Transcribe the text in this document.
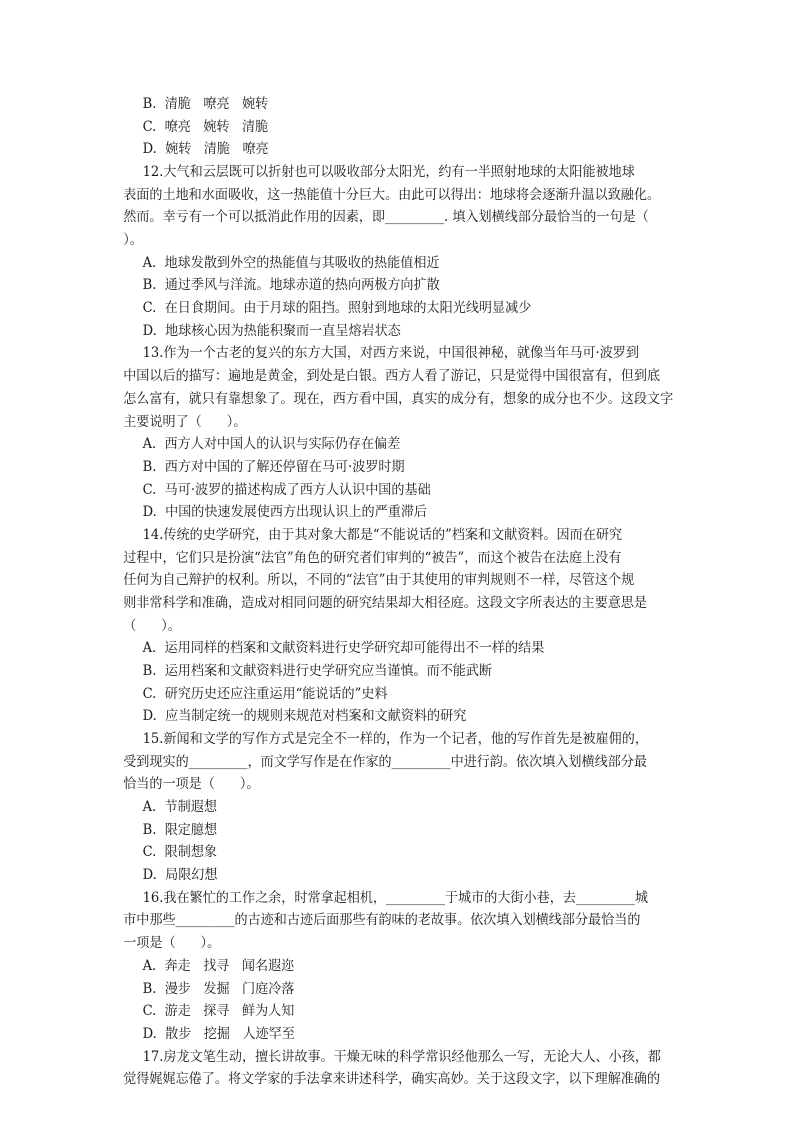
B.  清脆   嘹亮   婉转
C.  嘹亮   婉转   清脆
D.  婉转   清脆   嘹亮
12.大气和云层既可以折射也可以吸收部分太阳光，约有一半照射地球的太阳能被地球
表面的土地和水面吸收，这一热能值十分巨大。由此可以得出：地球将会逐渐升温以致融化。
然而。幸亏有一个可以抵消此作用的因素，即_________. 填入划横线部分最恰当的一句是（
）。
A.  地球发散到外空的热能值与其吸收的热能值相近
B.  通过季风与洋流。地球赤道的热向两极方向扩散
C.  在日食期间。由于月球的阻挡。照射到地球的太阳光线明显减少
D.  地球核心因为热能积聚而一直呈熔岩状态
13.作为一个古老的复兴的东方大国，对西方来说，中国很神秘，就像当年马可·波罗到
中国以后的描写：遍地是黄金，到处是白银。西方人看了游记，只是觉得中国很富有，但到底
怎么富有，就只有靠想象了。现在，西方看中国，真实的成分有，想象的成分也不少。这段文字
主要说明了（      ）。
A.  西方人对中国人的认识与实际仍存在偏差
B.  西方对中国的了解还停留在马可·波罗时期
C.  马可·波罗的描述构成了西方人认识中国的基础
D.  中国的快速发展使西方出现认识上的严重滞后
14.传统的史学研究，由于其对象大都是“不能说话的”档案和文献资料。因而在研究
过程中，它们只是扮演“法官”角色的研究者们审判的“被告”，而这个被告在法庭上没有
任何为自己辩护的权利。所以，不同的“法官”由于其使用的审判规则不一样，尽管这个规
则非常科学和准确，造成对相同问题的研究结果却大相径庭。这段文字所表达的主要意思是
（      ）。
A.  运用同样的档案和文献资料进行史学研究却可能得出不一样的结果
B.  运用档案和文献资料进行史学研究应当谨慎。而不能武断
C.  研究历史还应注重运用“能说话的”史料
D.  应当制定统一的规则来规范对档案和文献资料的研究
15.新闻和文学的写作方式是完全不一样的，作为一个记者，他的写作首先是被雇佣的，
受到现实的_________，而文学写作是在作家的_________中进行韵。依次填入划横线部分最
恰当的一项是（      ）。
A.  节制遐想
B.  限定臆想
C.  限制想象
D.  局限幻想
16.我在繁忙的工作之余，时常拿起相机，_________于城市的大街小巷，去_________城
市中那些_________的古迹和古迹后面那些有韵味的老故事。依次填入划横线部分最恰当的
一项是（      ）。
A.  奔走   找寻   闻名遐迩
B.  漫步   发掘   门庭冷落
C.  游走   探寻   鲜为人知
D.  散步   挖掘   人迹罕至
17.房龙文笔生动，擅长讲故事。干燥无味的科学常识经他那么一写，无论大人、小孩，都
觉得娓娓忘倦了。将文学家的手法拿来讲述科学，确实高妙。关于这段文字，以下理解准确的
